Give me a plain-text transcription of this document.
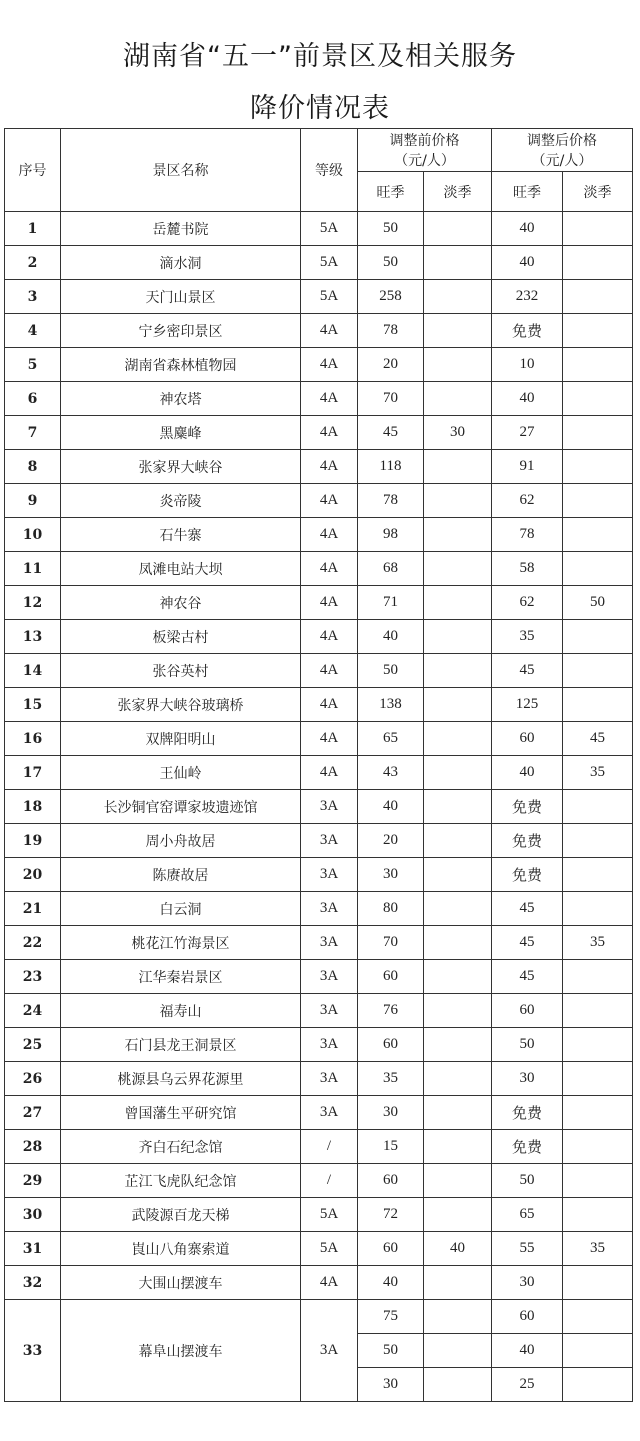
湖南省“五一”前景区及相关服务
降价情况表
序号	景区名称	等级	调整前价格
（元/人）		调整后价格
（元/人）	
			旺季	淡季	旺季	淡季
1	岳麓书院	5A	50		40	
2	滴水洞	5A	50		40	
3	天门山景区	5A	258		232	
4	宁乡密印景区	4A	78		免费	
5	湖南省森林植物园	4A	20		10	
6	神农塔	4A	70		40	
7	黑麋峰	4A	45	30	27	
8	张家界大峡谷	4A	118		91	
9	炎帝陵	4A	78		62	
10	石牛寨	4A	98		78	
11	凤滩电站大坝	4A	68		58	
12	神农谷	4A	71		62	50
13	板梁古村	4A	40		35	
14	张谷英村	4A	50		45	
15	张家界大峡谷玻璃桥	4A	138		125	
16	双牌阳明山	4A	65		60	45
17	王仙岭	4A	43		40	35
18	长沙铜官窑谭家坡遗迹馆	3A	40		免费	
19	周小舟故居	3A	20		免费	
20	陈赓故居	3A	30		免费	
21	白云洞	3A	80		45	
22	桃花江竹海景区	3A	70		45	35
23	江华秦岩景区	3A	60		45	
24	福寿山	3A	76		60	
25	石门县龙王洞景区	3A	60		50	
26	桃源县乌云界花源里	3A	35		30	
27	曾国藩生平研究馆	3A	30		免费	
28	齐白石纪念馆	/	15		免费	
29	芷江飞虎队纪念馆	/	60		50	
30	武陵源百龙天梯	5A	72		65	
31	崀山八角寨索道	5A	60	40	55	35
32	大围山摆渡车	4A	40		30	
33	幕阜山摆渡车	3A	75		60	
			50		40	
			30		25	
